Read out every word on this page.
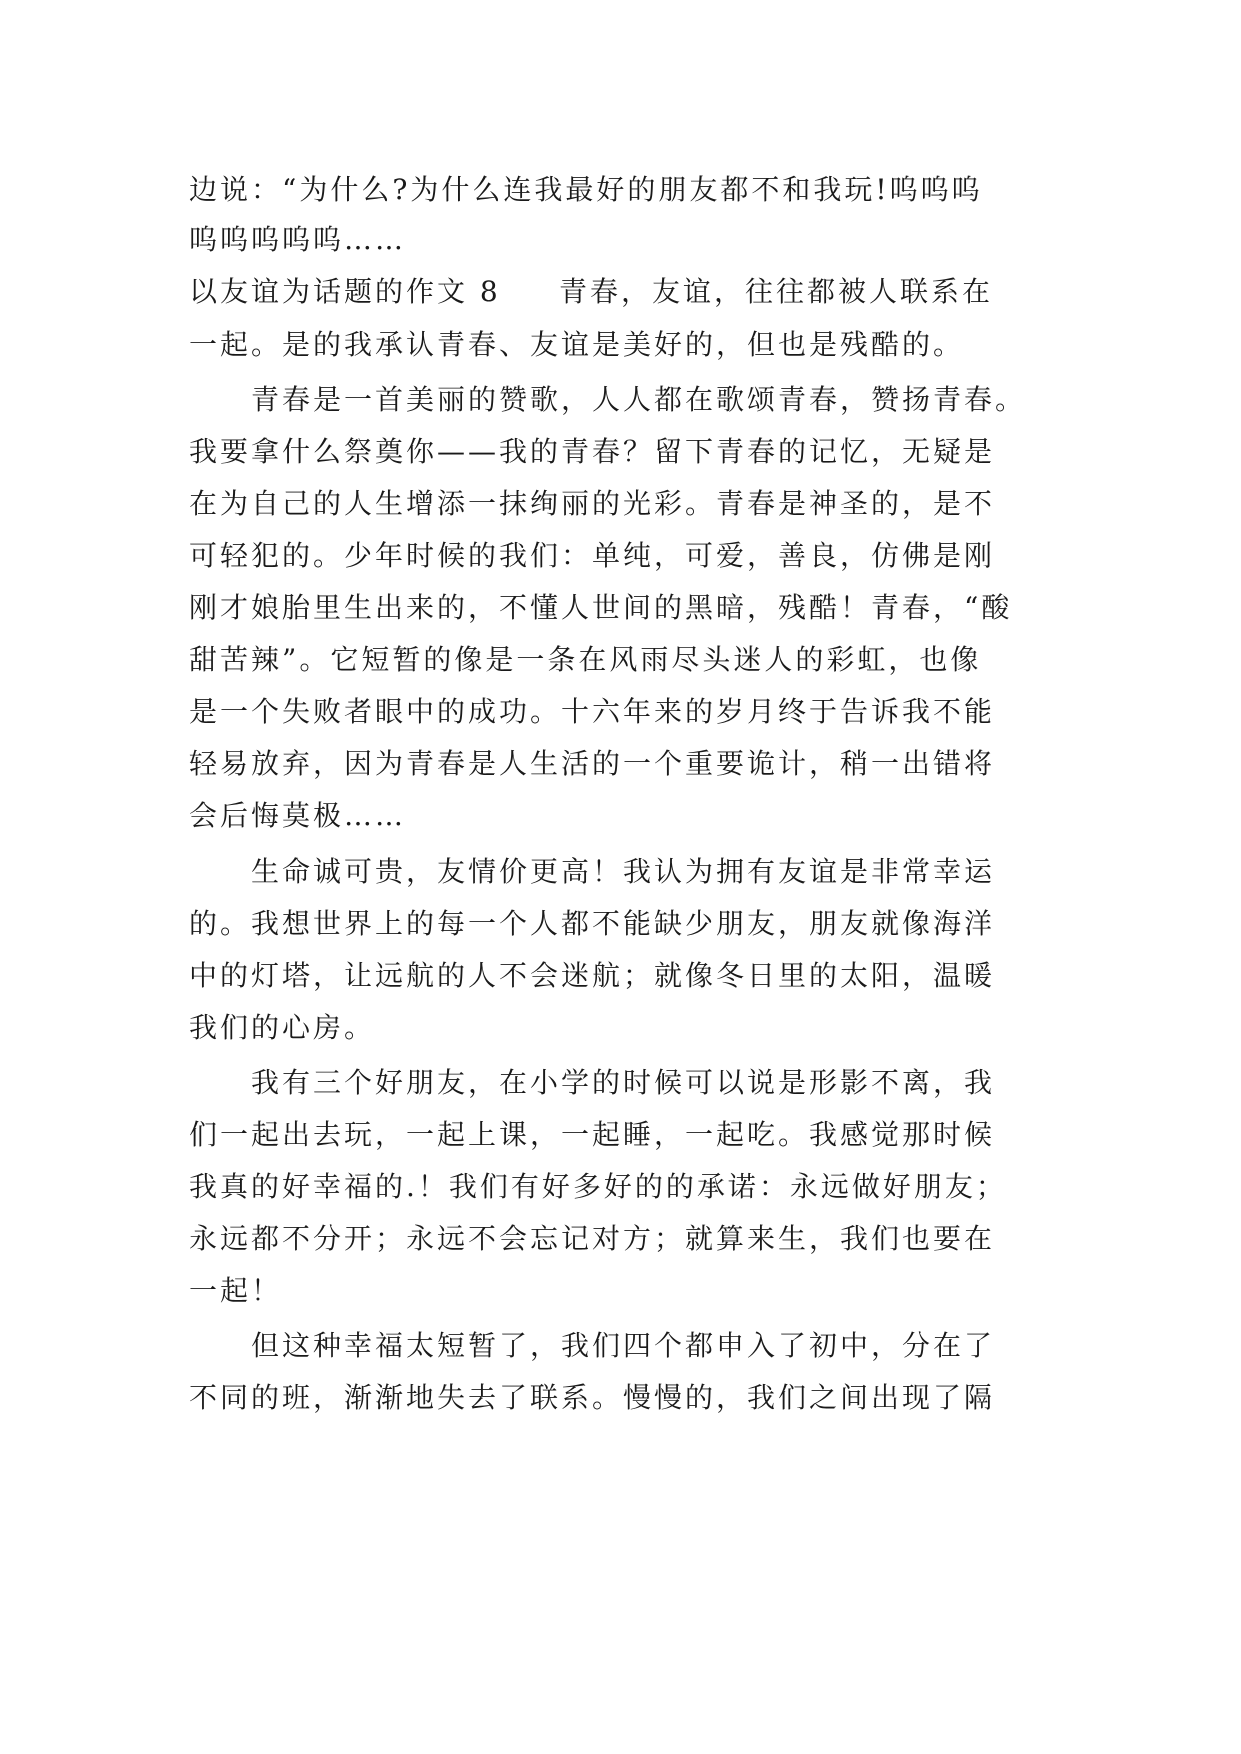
边说：“为什么?为什么连我最好的朋友都不和我玩!呜呜呜
呜呜呜呜呜……
以友谊为话题的作文 8 青春，友谊，往往都被人联系在
一起。是的我承认青春、友谊是美好的，但也是残酷的。
青春是一首美丽的赞歌，人人都在歌颂青春，赞扬青春。
我要拿什么祭奠你——我的青春？留下青春的记忆，无疑是
在为自己的人生增添一抹绚丽的光彩。青春是神圣的，是不
可轻犯的。少年时候的我们：单纯，可爱，善良，仿佛是刚
刚才娘胎里生出来的，不懂人世间的黑暗，残酷！青春，“酸
甜苦辣”。它短暂的像是一条在风雨尽头迷人的彩虹，也像
是一个失败者眼中的成功。十六年来的岁月终于告诉我不能
轻易放弃，因为青春是人生活的一个重要诡计，稍一出错将
会后悔莫极……
生命诚可贵，友情价更高！我认为拥有友谊是非常幸运
的。我想世界上的每一个人都不能缺少朋友，朋友就像海洋
中的灯塔，让远航的人不会迷航；就像冬日里的太阳，温暖
我们的心房。
我有三个好朋友，在小学的时候可以说是形影不离，我
们一起出去玩，一起上课，一起睡，一起吃。我感觉那时候
我真的好幸福的.！我们有好多好的的承诺：永远做好朋友；
永远都不分开；永远不会忘记对方；就算来生，我们也要在
一起！
但这种幸福太短暂了，我们四个都申入了初中，分在了
不同的班，渐渐地失去了联系。慢慢的，我们之间出现了隔
